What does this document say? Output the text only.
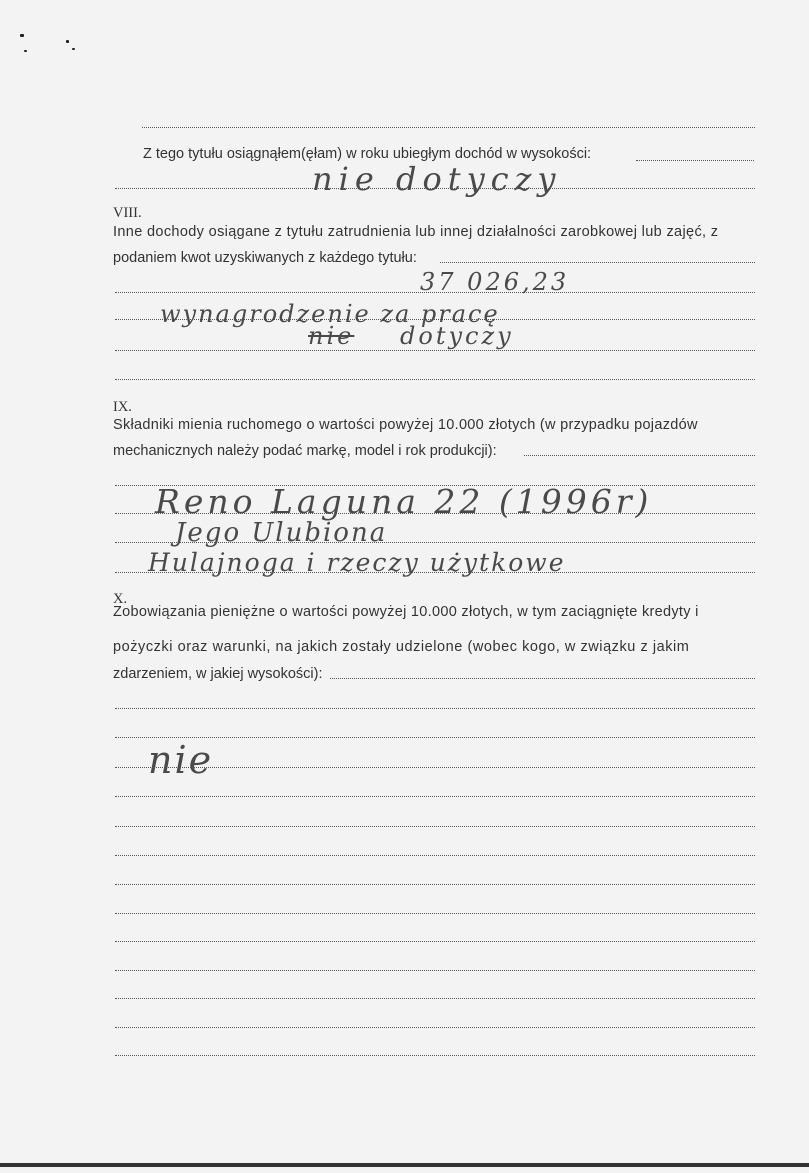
Z tego tytułu osiągnąłem(ęłam) w roku ubiegłym dochód w wysokości:
nie dotyczy
VIII.
Inne dochody osiągane z tytułu zatrudnienia lub innej działalności zarobkowej lub zajęć, z
podaniem kwot uzyskiwanych z każdego tytułu:
37 026,23
wynagrodzenie za pracę
nie dotyczy
IX.
Składniki mienia ruchomego o wartości powyżej 10.000 złotych (w przypadku pojazdów
mechanicznych należy podać markę, model i rok produkcji):
Reno Laguna 22 (1996r)
Jego Ulubiona
Hulajnoga i rzeczy użytkowe
X.
Zobowiązania pieniężne o wartości powyżej 10.000 złotych, w tym zaciągnięte kredyty i
pożyczki oraz warunki, na jakich zostały udzielone (wobec kogo, w związku z jakim
zdarzeniem, w jakiej wysokości):
nie
